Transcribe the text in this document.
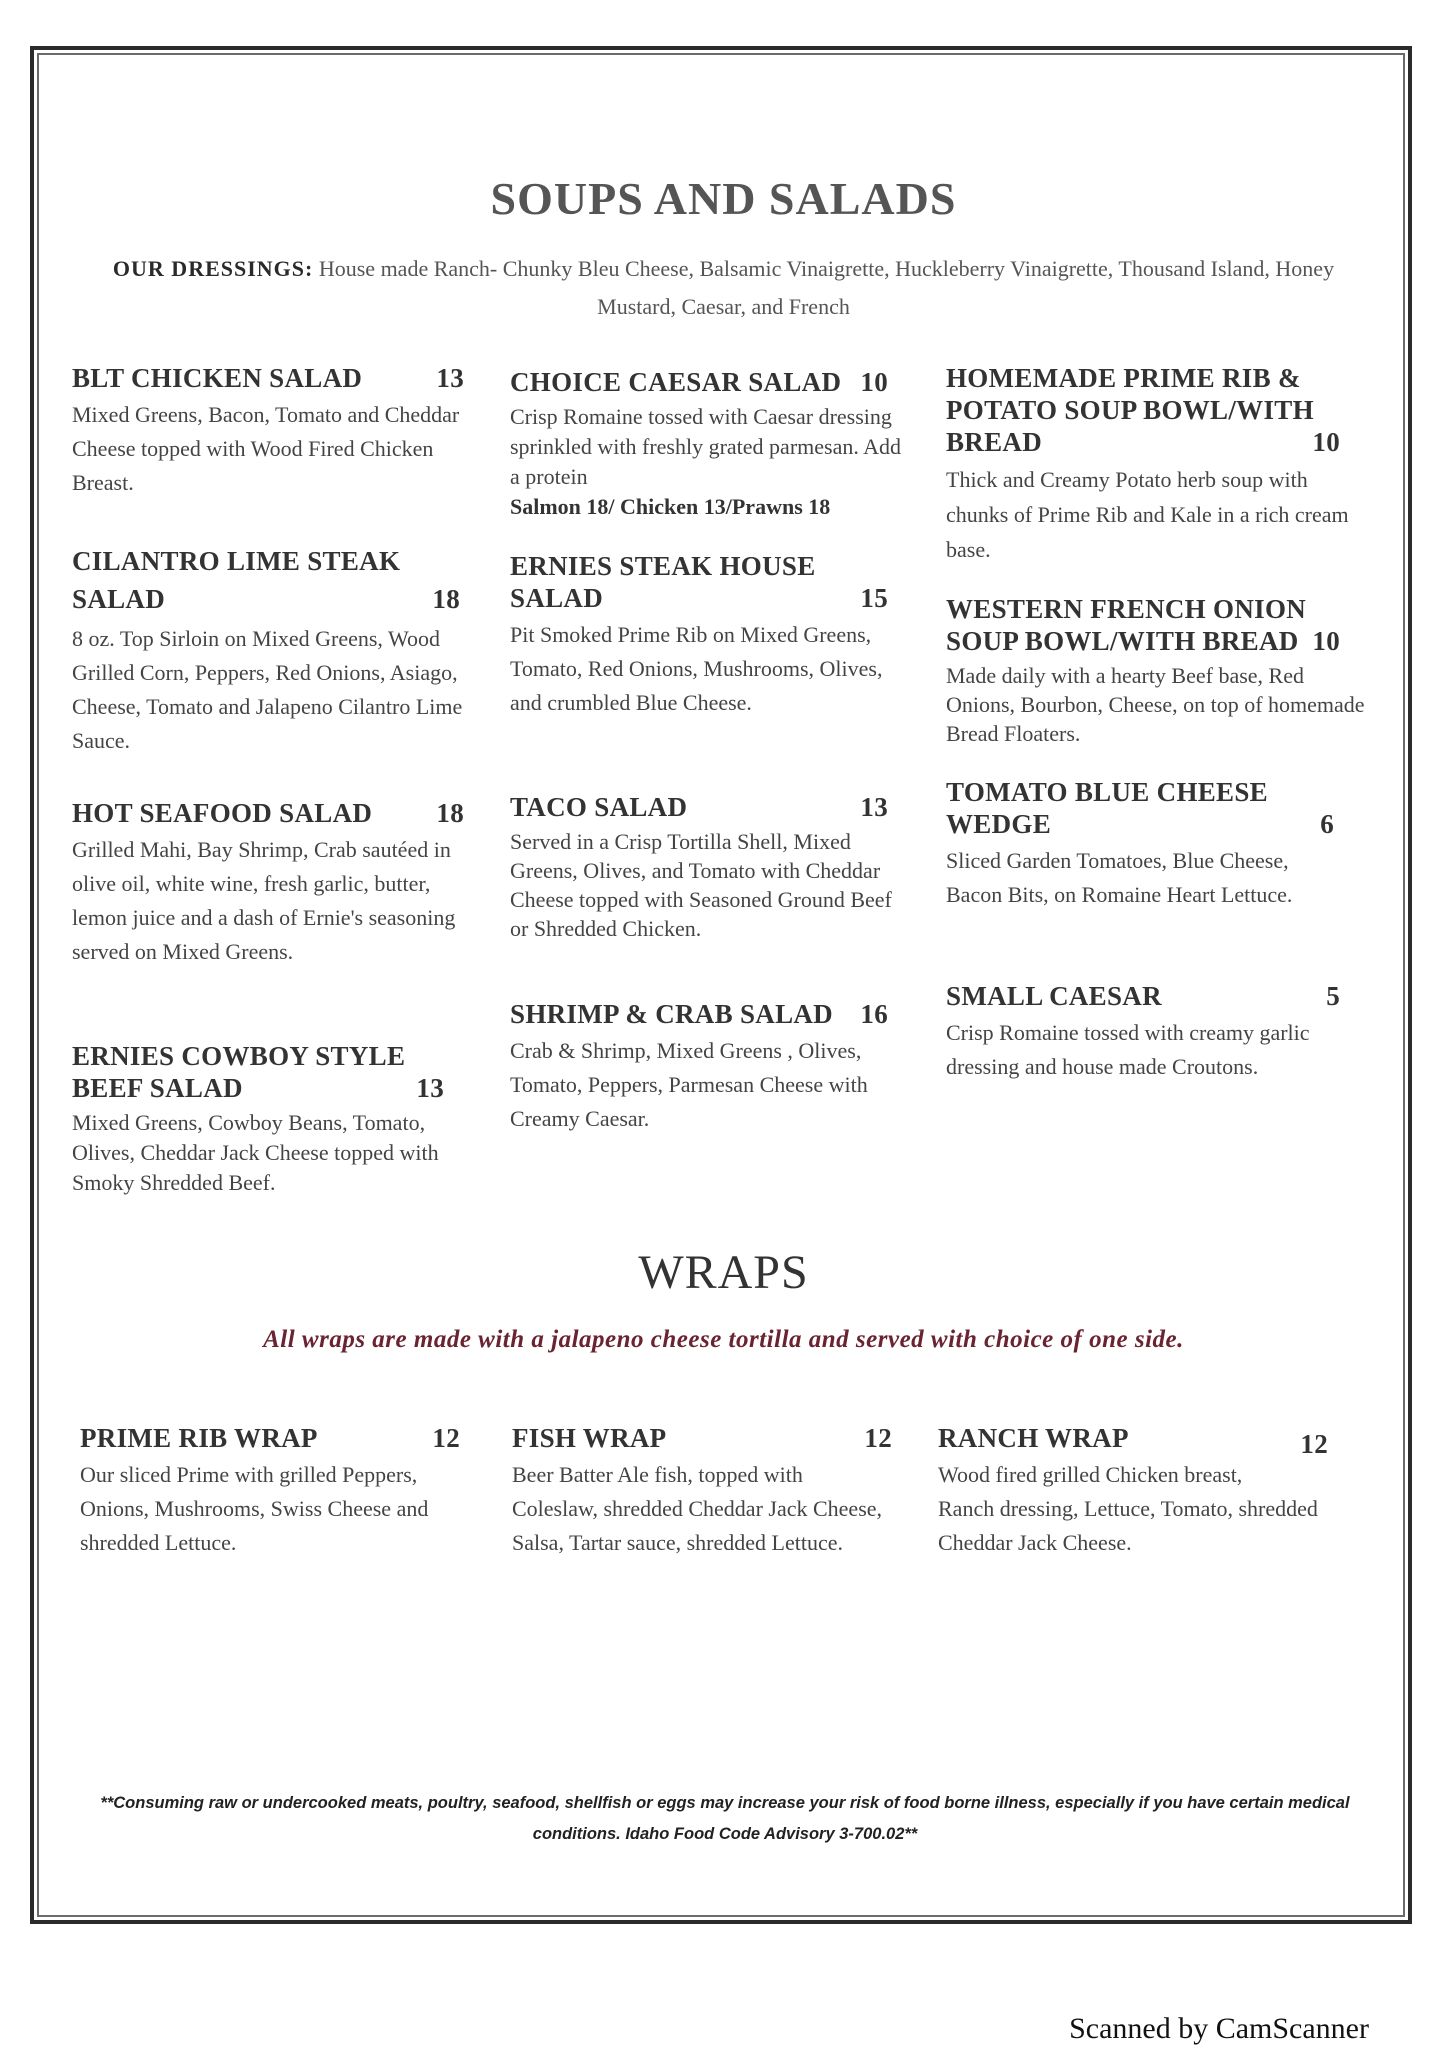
SOUPS AND SALADS
OUR DRESSINGS: House made Ranch- Chunky Bleu Cheese, Balsamic Vinaigrette, Huckleberry Vinaigrette, Thousand Island, Honey Mustard, Caesar, and French
13
BLT CHICKEN SALAD
Mixed Greens, Bacon, Tomato and Cheddar Cheese topped with Wood Fired Chicken Breast.
CILANTRO LIME STEAK SALAD	18
8 oz. Top Sirloin on Mixed Greens, Wood Grilled Corn, Peppers, Red Onions, Asiago, Cheese, Tomato and Jalapeno Cilantro Lime Sauce.
18
HOT SEAFOOD SALAD
Grilled Mahi, Bay Shrimp, Crab sautéed in olive oil, white wine, fresh garlic, butter, lemon juice and a dash of Ernie's seasoning served on Mixed Greens.
ERNIES COWBOY STYLE BEEF SALAD	13
Mixed Greens, Cowboy Beans, Tomato, Olives, Cheddar Jack Cheese topped with Smoky Shredded Beef.
10
CHOICE CAESAR SALAD
Crisp Romaine tossed with Caesar dressing sprinkled with freshly grated parmesan. Add a protein
Salmon 18/ Chicken 13/Prawns 18
ERNIES STEAK HOUSE SALAD	15
Pit Smoked Prime Rib on Mixed Greens, Tomato, Red Onions, Mushrooms, Olives, and crumbled Blue Cheese.
13
TACO SALAD
Served in a Crisp Tortilla Shell, Mixed Greens, Olives, and Tomato with Cheddar Cheese topped with Seasoned Ground Beef or Shredded Chicken.
16
SHRIMP & CRAB SALAD
Crab & Shrimp, Mixed Greens , Olives, Tomato, Peppers, Parmesan Cheese with Creamy Caesar.
HOMEMADE PRIME RIB & POTATO SOUP BOWL/WITH BREAD	10
Thick and Creamy Potato herb soup with chunks of Prime Rib and Kale in a rich cream base.
WESTERN FRENCH ONION SOUP BOWL/WITH BREAD 10
Made daily with a hearty Beef base, Red Onions, Bourbon, Cheese, on top of homemade Bread Floaters.
TOMATO BLUE CHEESE WEDGE	6
Sliced Garden Tomatoes, Blue Cheese, Bacon Bits, on Romaine Heart Lettuce.
5
SMALL CAESAR
Crisp Romaine tossed with creamy garlic dressing and house made Croutons.
WRAPS
All wraps are made with a jalapeno cheese tortilla and served with choice of one side.
12
PRIME RIB WRAP
Our sliced Prime with grilled Peppers, Onions, Mushrooms, Swiss Cheese and shredded Lettuce.
12
FISH WRAP
Beer Batter Ale fish, topped with Coleslaw, shredded Cheddar Jack Cheese, Salsa, Tartar sauce, shredded Lettuce.
12
RANCH WRAP
Wood fired grilled Chicken breast, Ranch dressing, Lettuce, Tomato, shredded Cheddar Jack Cheese.
**Consuming raw or undercooked meats, poultry, seafood, shellfish or eggs may increase your risk of food borne illness, especially if you have certain medical conditions. Idaho Food Code Advisory 3-700.02**
Scanned by CamScanner
